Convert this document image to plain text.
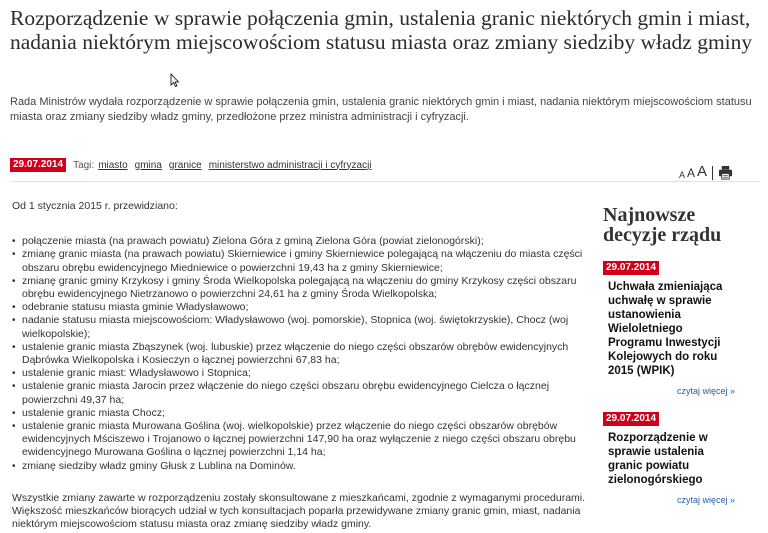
Rozporządzenie w sprawie połączenia gmin, ustalenia granic niektórych gmin i miast, nadania niektórym miejscowościom statusu miasta oraz zmiany siedziby władz gminy

Rada Ministrów wydała rozporządzenie w sprawie połączenia gmin, ustalenia granic niektórych gmin i miast, nadania niektórym miejscowościom statusu miasta oraz zmiany siedziby władz gminy, przedłożone przez ministra administracji i cyfryzacji.

29.07.2014	Tagi: miasto gmina granice ministerstwo administracji i cyfryzacji
A A A

Od 1 stycznia 2015 r. przewidziano:

• połączenie miasta (na prawach powiatu) Zielona Góra z gminą Zielona Góra (powiat zielonogórski);
• zmianę granic miasta (na prawach powiatu) Skierniewice i gminy Skierniewice polegającą na włączeniu do miasta części obszaru obrębu ewidencyjnego Miedniewice o powierzchni 19,43 ha z gminy Skierniewice;
• zmianę granic gminy Krzykosy i gminy Środa Wielkopolska polegającą na włączeniu do gminy Krzykosy części obszaru obrębu ewidencyjnego Nietrzanowo o powierzchni 24,61 ha z gminy Środa Wielkopolska;
• odebranie statusu miasta gminie Władysławowo;
• nadanie statusu miasta miejscowościom: Władysławowo (woj. pomorskie), Stopnica (woj. świętokrzyskie), Chocz (woj wielkopolskie);
• ustalenie granic miasta Zbąszynek (woj. lubuskie) przez włączenie do niego części obszarów obrębów ewidencyjnych Dąbrówka Wielkopolska i Kosieczyn o łącznej powierzchni 67,83 ha;
• ustalenie granic miast: Władysławowo i Stopnica;
• ustalenie granic miasta Jarocin przez włączenie do niego części obszaru obrębu ewidencyjnego Cielcza o łącznej powierzchni 49,37 ha;
• ustalenie granic miasta Chocz;
• ustalenie granic miasta Murowana Goślina (woj. wielkopolskie) przez włączenie do niego części obszarów obrębów ewidencyjnych Mściszewo i Trojanowo o łącznej powierzchni 147,90 ha oraz wyłączenie z niego części obszaru obrębu ewidencyjnego Murowana Goślina o łącznej powierzchni 1,14 ha;
• zmianę siedziby władz gminy Głusk z Lublina na Dominów.

Wszystkie zmiany zawarte w rozporządzeniu zostały skonsultowane z mieszkańcami, zgodnie z wymaganymi procedurami. Większość mieszkańców biorących udział w tych konsultacjach poparła przewidywane zmiany granic gmin, miast, nadania niektórym miejscowościom statusu miasta oraz zmianę siedziby władz gminy.

Najnowsze decyzje rządu
29.07.2014
Uchwała zmieniająca uchwałę w sprawie ustanowienia Wieloletniego Programu Inwestycji Kolejowych do roku 2015 (WPIK)
czytaj więcej »
29.07.2014
Rozporządzenie w sprawie ustalenia granic powiatu zielonogórskiego
czytaj więcej »
